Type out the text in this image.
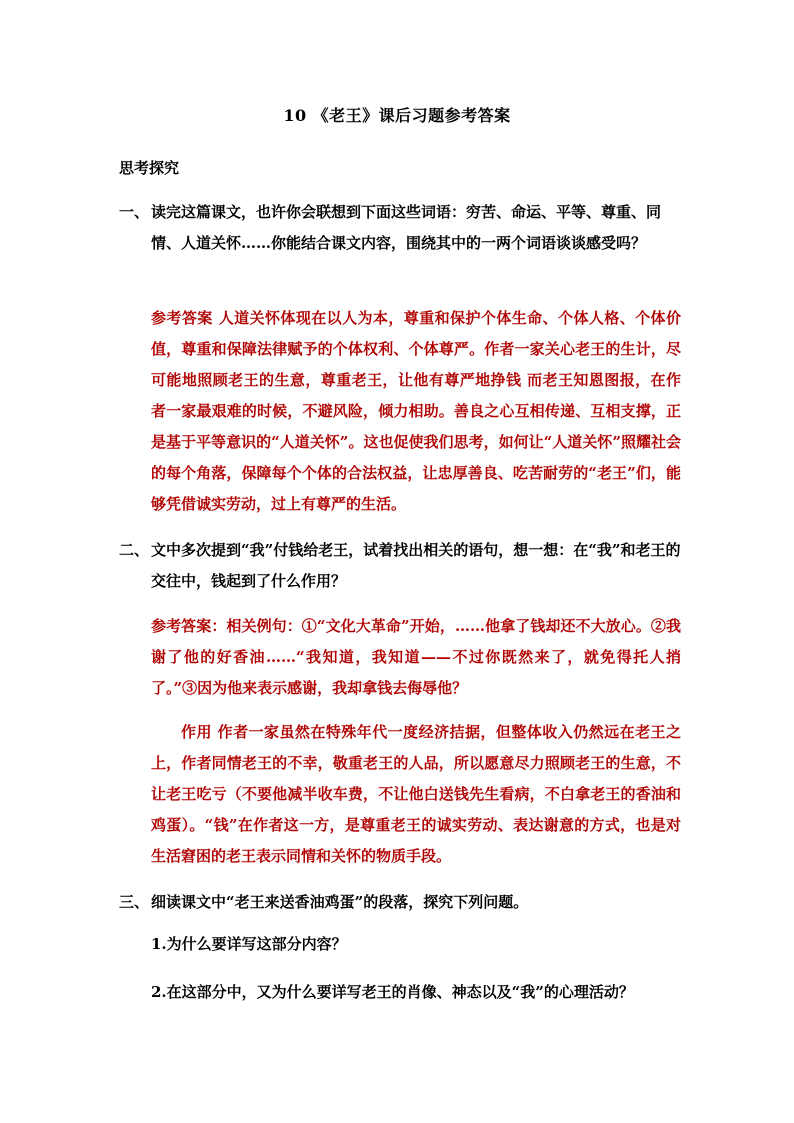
10 《老王》课后习题参考答案
思考探究
一、 读完这篇课文，也许你会联想到下面这些词语：穷苦、命运、平等、尊重、同情、人道关怀……你能结合课文内容，围绕其中的一两个词语谈谈感受吗？
参考答案 人道关怀体现在以人为本，尊重和保护个体生命、个体人格、个体价值，尊重和保障法律赋予的个体权利、个体尊严。作者一家关心老王的生计，尽可能地照顾老王的生意，尊重老王，让他有尊严地挣钱 而老王知恩图报，在作者一家最艰难的时候，不避风险，倾力相助。善良之心互相传递、互相支撑，正是基于平等意识的“人道关怀”。这也促使我们思考，如何让“人道关怀”照耀社会的每个角落，保障每个个体的合法权益，让忠厚善良、吃苦耐劳的“老王”们，能够凭借诚实劳动，过上有尊严的生活。
二、 文中多次提到“我”付钱给老王，试着找出相关的语句，想一想：在“我”和老王的交往中，钱起到了什么作用？
参考答案：相关例句：①“文化大革命”开始，……他拿了钱却还不大放心。②我谢了他的好香油……“我知道，我知道——不过你既然来了，就免得托人捎了。”③因为他来表示感谢，我却拿钱去侮辱他？
作用 作者一家虽然在特殊年代一度经济拮据，但整体收入仍然远在老王之上，作者同情老王的不幸，敬重老王的人品，所以愿意尽力照顾老王的生意，不让老王吃亏（不要他减半收车费，不让他白送钱先生看病，不白拿老王的香油和鸡蛋）。“钱”在作者这一方，是尊重老王的诚实劳动、表达谢意的方式，也是对生活窘困的老王表示同情和关怀的物质手段。
三、 细读课文中“老王来送香油鸡蛋”的段落，探究下列问题。
1.为什么要详写这部分内容？
2.在这部分中，又为什么要详写老王的肖像、神态以及“我”的心理活动？
